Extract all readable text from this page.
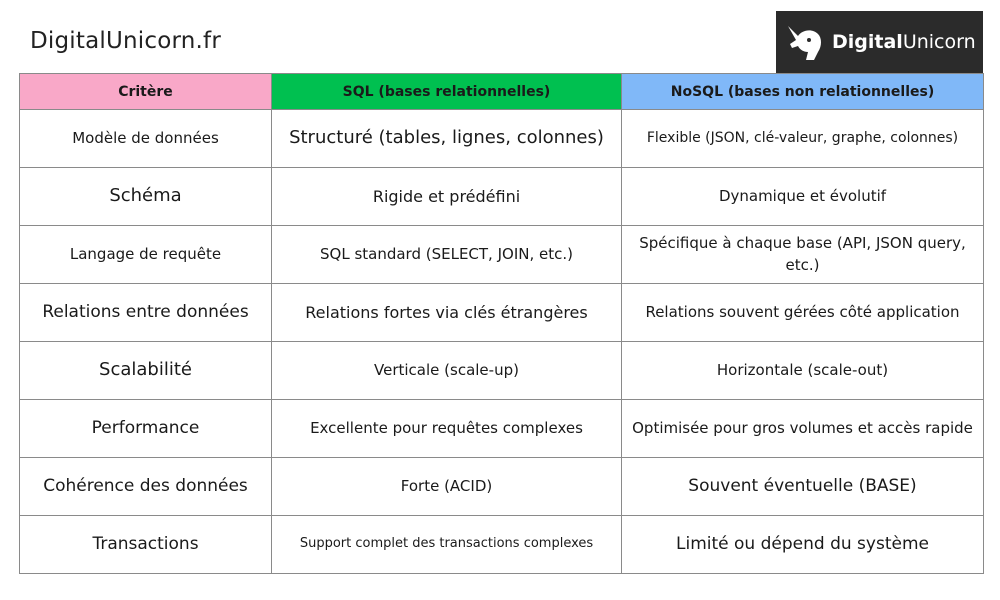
DigitalUnicorn.fr	DigitalUnicorn
Critère	SQL (bases relationnelles)	NoSQL (bases non relationnelles)
Modèle de données	Structuré (tables, lignes, colonnes)	Flexible (JSON, clé-valeur, graphe, colonnes)
Schéma	Rigide et prédéfini	Dynamique et évolutif
Langage de requête	SQL standard (SELECT, JOIN, etc.)	Spécifique à chaque base (API, JSON query, etc.)
Relations entre données	Relations fortes via clés étrangères	Relations souvent gérées côté application
Scalabilité	Verticale (scale-up)	Horizontale (scale-out)
Performance	Excellente pour requêtes complexes	Optimisée pour gros volumes et accès rapide
Cohérence des données	Forte (ACID)	Souvent éventuelle (BASE)
Transactions	Support complet des transactions complexes	Limité ou dépend du système
